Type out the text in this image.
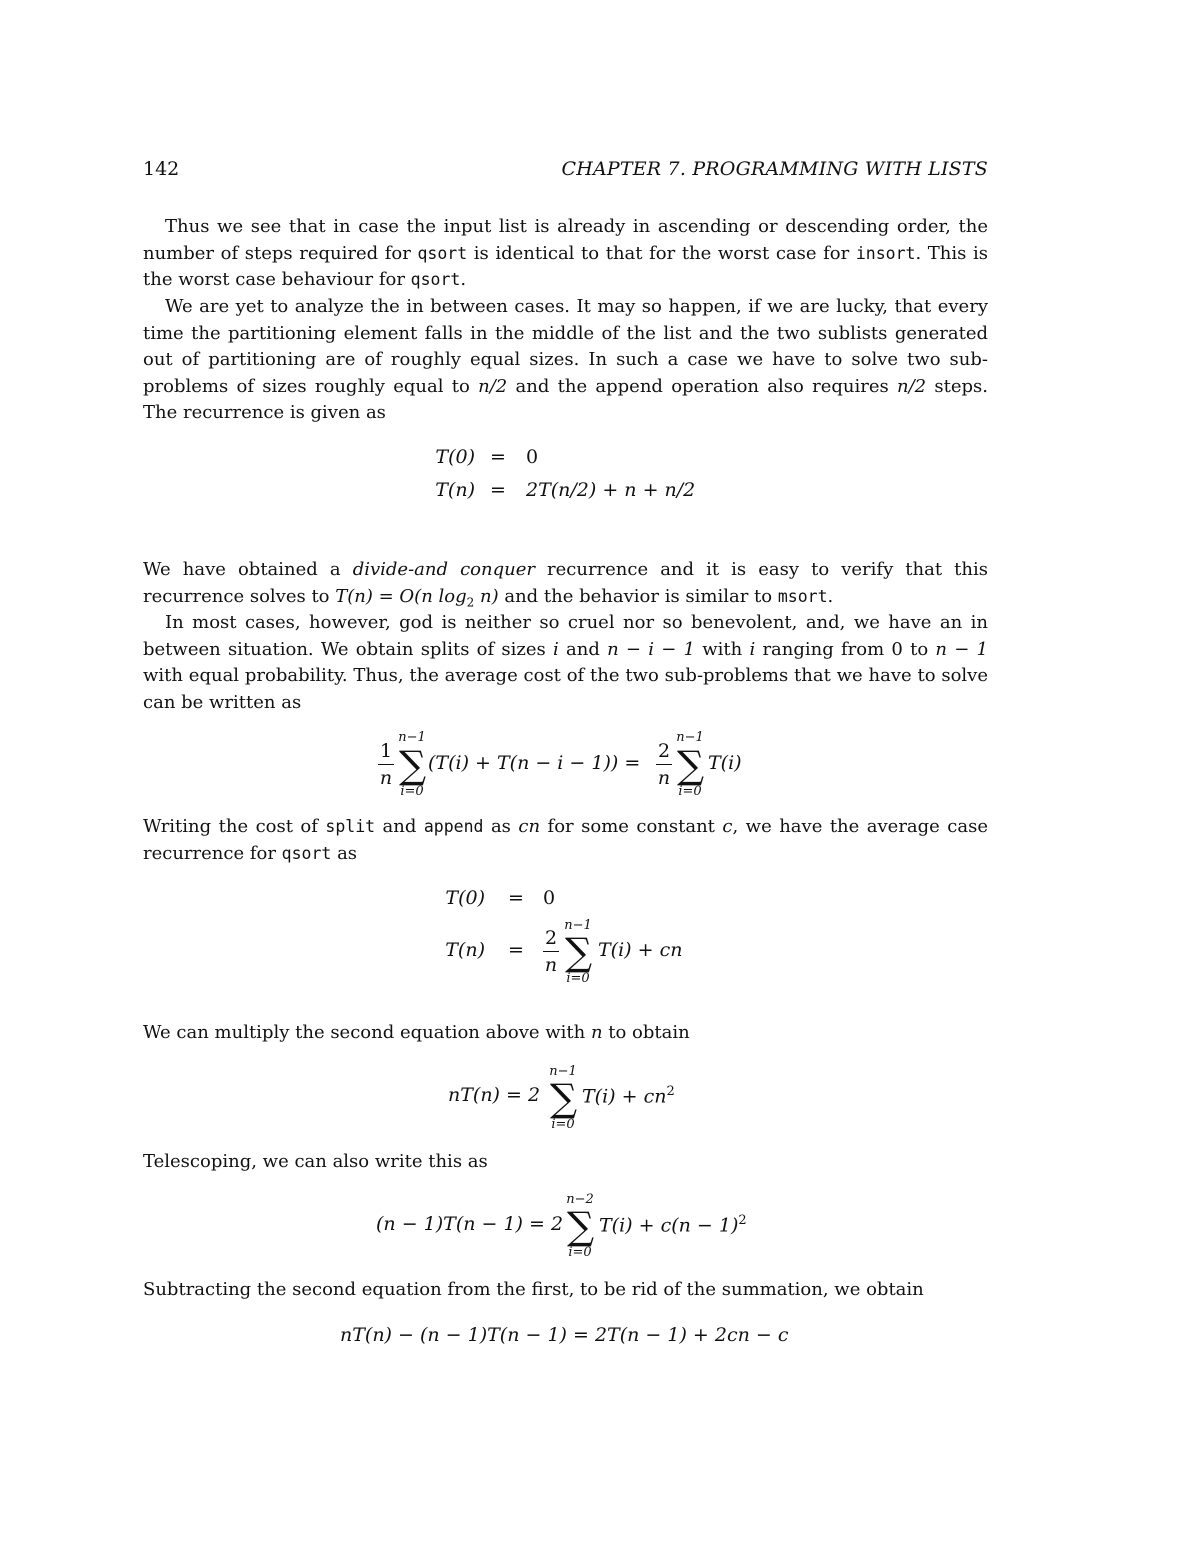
142	CHAPTER 7. PROGRAMMING WITH LISTS

Thus we see that in case the input list is already in ascending or descending order, the number of steps required for qsort is identical to that for the worst case for insort. This is the worst case behaviour for qsort.

We are yet to analyze the in between cases. It may so happen, if we are lucky, that every time the partitioning element falls in the middle of the list and the two sublists generated out of partitioning are of roughly equal sizes. In such a case we have to solve two sub-problems of sizes roughly equal to n/2 and the append operation also requires n/2 steps. The recurrence is given as

T(0) = 0
T(n) = 2T(n/2) + n + n/2

We have obtained a divide-and conquer recurrence and it is easy to verify that this recurrence solves to T(n) = O(n $\log_2 n$) and the behavior is similar to msort.

In most cases, however, god is neither so cruel nor so benevolent, and, we have an in between situation. We obtain splits of sizes i and n − i − 1 with i ranging from 0 to n − 1 with equal probability. Thus, the average cost of the two sub-problems that we have to solve can be written as

1
n
n−1
∑
i=0
(T(i) + T(n − i − 1)) =
2
n
n−1
∑
i=0
T(i)

Writing the cost of split and append as cn for some constant c, we have the average case recurrence for qsort as

T(0) = 0
T(n) =
2
n
n−1
∑
i=0
T(i) + cn

We can multiply the second equation above with n to obtain

nT(n) = 2
n−1
∑
i=0
$T(i) + cn^2$

Telescoping, we can also write this as

(n − 1)T(n − 1) = 2
n−2
∑
i=0
$T(i) + c(n - 1)^2$

Subtracting the second equation from the first, to be rid of the summation, we obtain

nT(n) − (n − 1)T(n − 1) = 2T(n − 1) + 2cn − c
